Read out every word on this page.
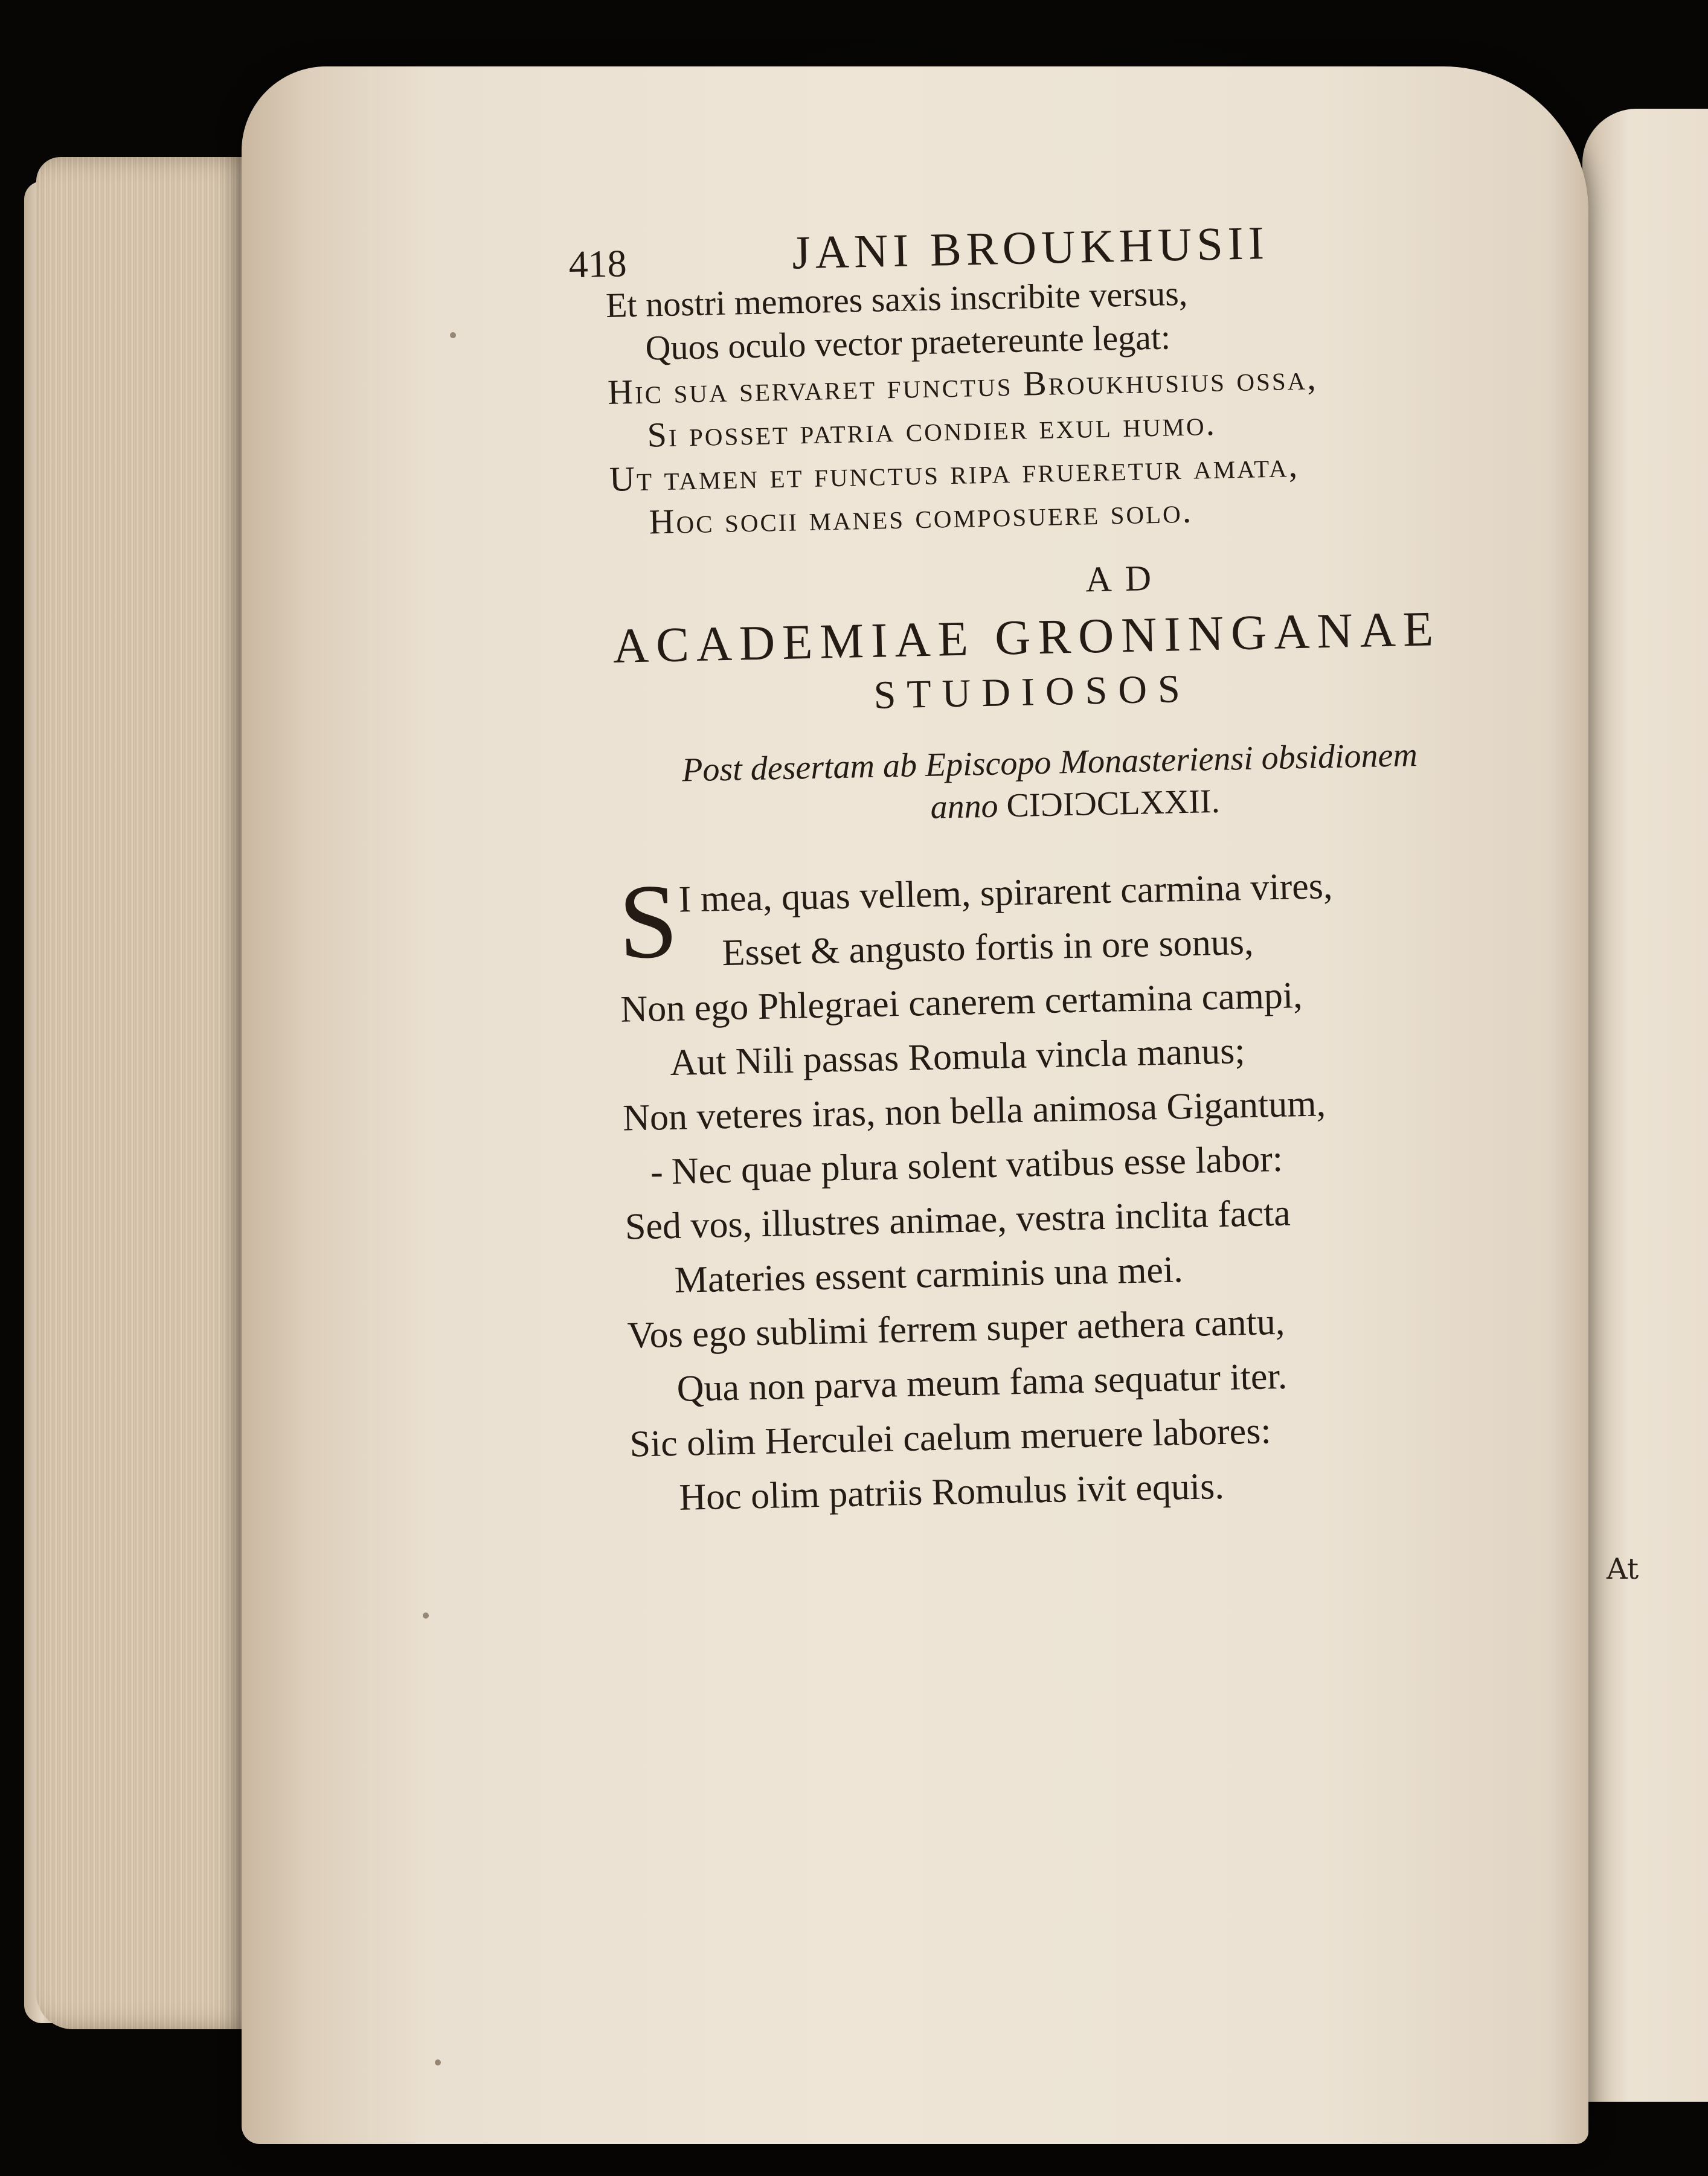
At
418	JANI BROUKHUSII
Et nostri memores saxis inscribite versus,
Quos oculo vector praetereunte legat:
Hic sua servaret functus Broukhusius ossa,
Si posset patria condier exul humo.
Ut tamen et functus ripa frueretur amata,
Hoc socii manes composuere solo.
AD
ACADEMIAE GRONINGANAE
STUDIOSOS
Post desertam ab Episcopo Monasteriensi obsidionem
anno CIƆIƆCLXXII.
S
I mea, quas vellem, spirarent carmina vires,
Esset & angusto fortis in ore sonus,
Non ego Phlegraei canerem certamina campi,
Aut Nili passas Romula vincla manus;
Non veteres iras, non bella animosa Gigantum,
- Nec quae plura solent vatibus esse labor:
Sed vos, illustres animae, vestra inclita facta
Materies essent carminis una mei.
Vos ego sublimi ferrem super aethera cantu,
Qua non parva meum fama sequatur iter.
Sic olim Herculei caelum meruere labores:
Hoc olim patriis Romulus ivit equis.
